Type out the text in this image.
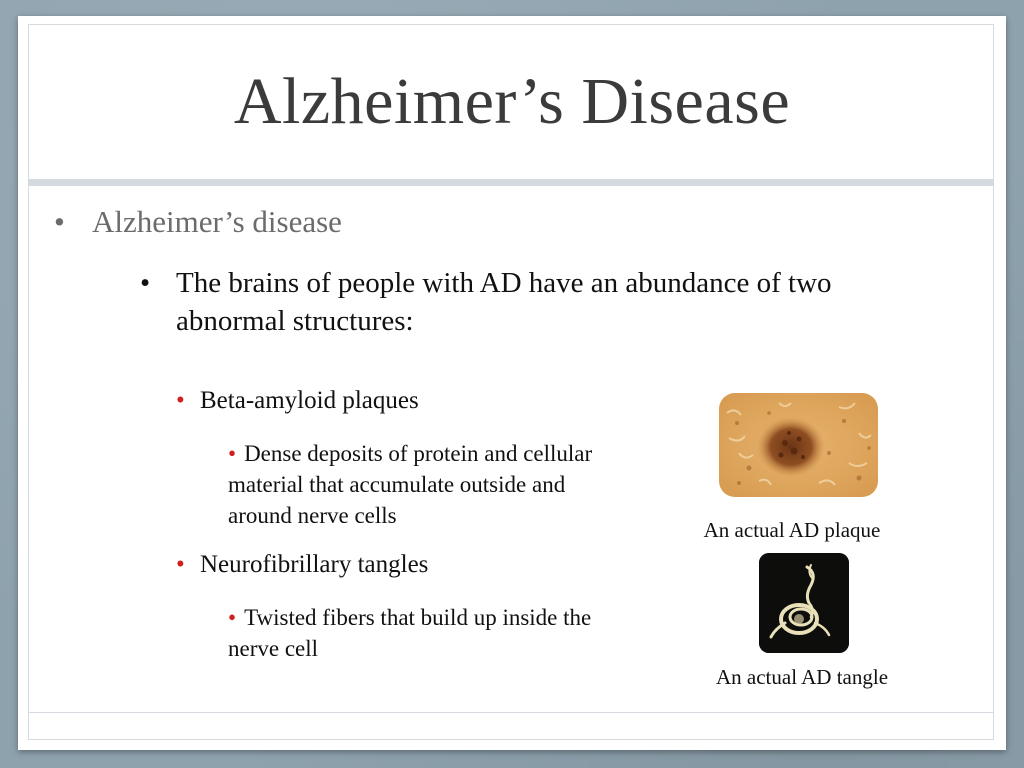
Alzheimer’s Disease
• Alzheimer’s disease
• The brains of people with AD have an abundance of two abnormal structures:
• Beta-amyloid plaques
• Dense deposits of protein and cellular material that accumulate outside and around nerve cells
• Neurofibrillary tangles
• Twisted fibers that build up inside the nerve cell
An actual AD plaque
An actual AD tangle
